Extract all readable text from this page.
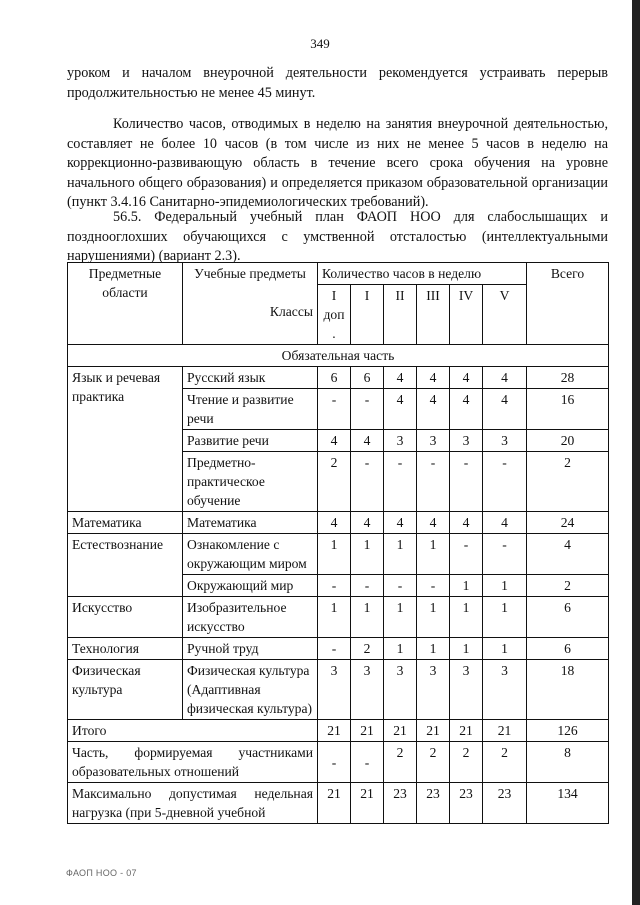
349

уроком и началом внеурочной деятельности рекомендуется устраивать перерыв продолжительностью не менее 45 минут.

Количество часов, отводимых в неделю на занятия внеурочной деятельностью, составляет не более 10 часов (в том числе из них не менее 5 часов в неделю на коррекционно-развивающую область в течение всего срока обучения на уровне начального общего образования) и определяется приказом образовательной организации (пункт 3.4.16 Санитарно-эпидемиологических требований).

56.5. Федеральный учебный план ФАОП НОО для слабослышащих и позднооглохших обучающихся с умственной отсталостью (интеллектуальными нарушениями) (вариант 2.3).

Предметные области	Учебные предметы
Классы	Количество часов в неделю						Всего
		I доп.	I	II	III	IV	V	
Обязательная часть								
Язык и речевая практика	Русский язык	6	6	4	4	4	4	28
	Чтение и развитие речи	-	-	4	4	4	4	16
	Развитие речи	4	4	3	3	3	3	20
	Предметно-практическое обучение	2	-	-	-	-	-	2
Математика	Математика	4	4	4	4	4	4	24
Естествознание	Ознакомление с окружающим миром	1	1	1	1	-	-	4
	Окружающий мир	-	-	-	-	1	1	2
Искусство	Изобразительное искусство	1	1	1	1	1	1	6
Технология	Ручной труд	-	2	1	1	1	1	6
Физическая культура	Физическая культура (Адаптивная физическая культура)	3	3	3	3	3	3	18
Итого		21	21	21	21	21	21	126
Часть, формируемая участниками образовательных отношений		-	-	2	2	2	2	8
Максимально допустимая недельная нагрузка (при 5-дневной учебной		21	21	23	23	23	23	134
ФАОП НОО - 07
